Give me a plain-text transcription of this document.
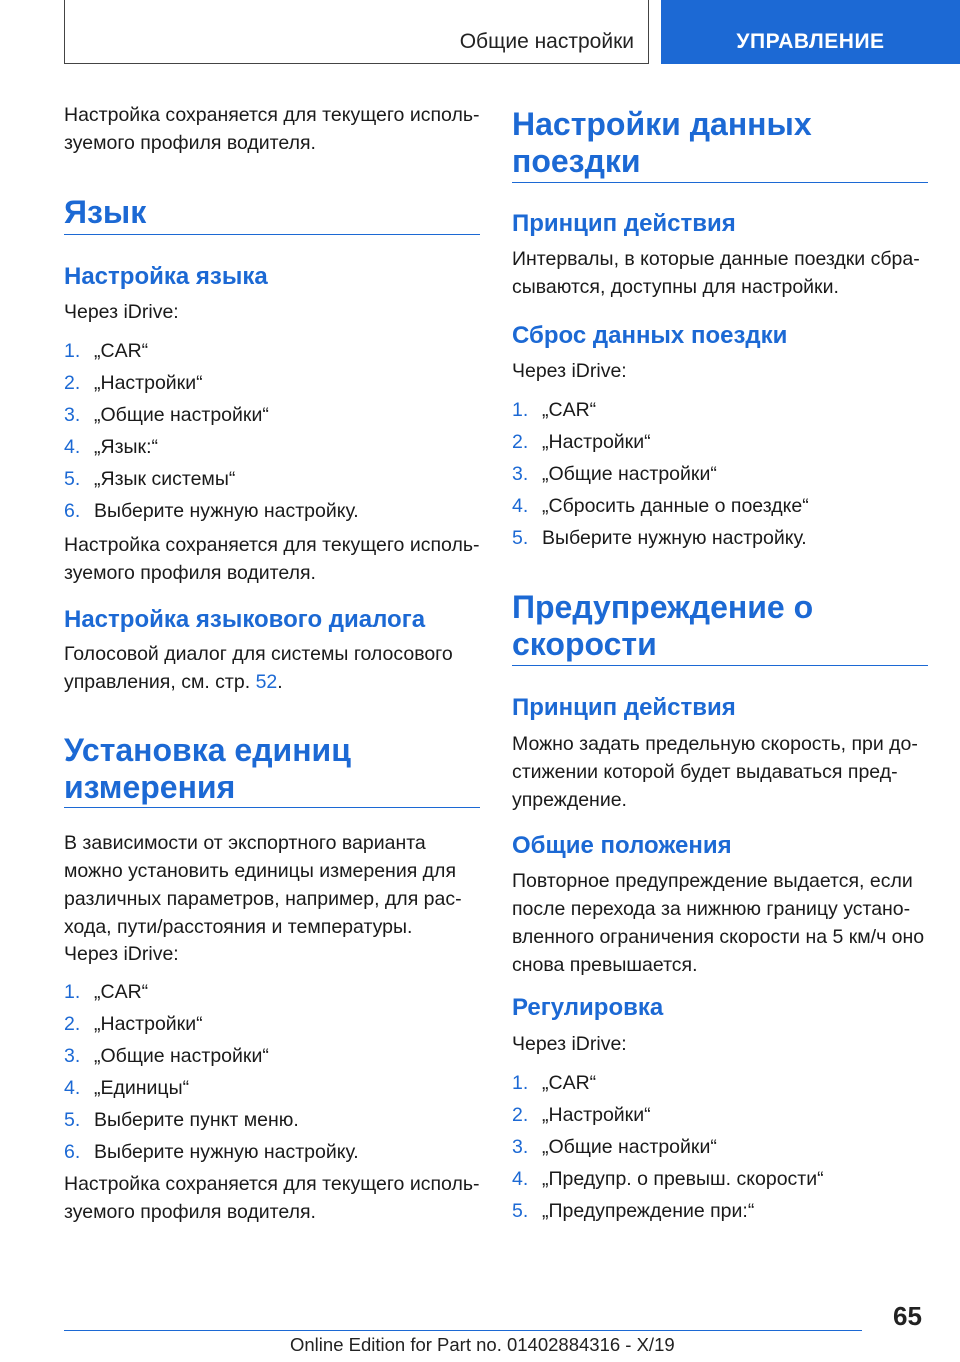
Общие настройки	УПРАВЛЕНИЕ

Настройка сохраняется для текущего исполь-

зуемого профиля водителя.

Язык
Настройка языка

Через iDrive:

1. „CAR“
2. „Настройки“
3. „Общие настройки“
4. „Язык:“
5. „Язык системы“
6. Выберите нужную настройку.

Настройка сохраняется для текущего исполь-

зуемого профиля водителя.

Настройка языкового диалога

Голосовой диалог для системы голосового

управления, см. стр. 52.

Установка единиц
измерения

В зависимости от экспортного варианта

можно установить единицы измерения для

различных параметров, например, для рас-

хода, пути/расстояния и температуры.

Через iDrive:

1. „CAR“
2. „Настройки“
3. „Общие настройки“
4. „Единицы“
5. Выберите пункт меню.
6. Выберите нужную настройку.

Настройка сохраняется для текущего исполь-

зуемого профиля водителя.

Настройки данных
поездки
Принцип действия

Интервалы, в которые данные поездки сбра-

сываются, доступны для настройки.

Сброс данных поездки

Через iDrive:

1. „CAR“
2. „Настройки“
3. „Общие настройки“
4. „Сбросить данные о поездке“
5. Выберите нужную настройку.
Предупреждение о
скорости
Принцип действия

Можно задать предельную скорость, при до-

стижении которой будет выдаваться пред-

упреждение.

Общие положения

Повторное предупреждение выдается, если

после перехода за нижнюю границу устано-

вленного ограничения скорости на 5 км/ч оно

снова превышается.

Регулировка

Через iDrive:

1. „CAR“
2. „Настройки“
3. „Общие настройки“
4. „Предупр. о превыш. скорости“
5. „Предупреждение при:“
65
Online Edition for Part no. 01402884316 - X/19
